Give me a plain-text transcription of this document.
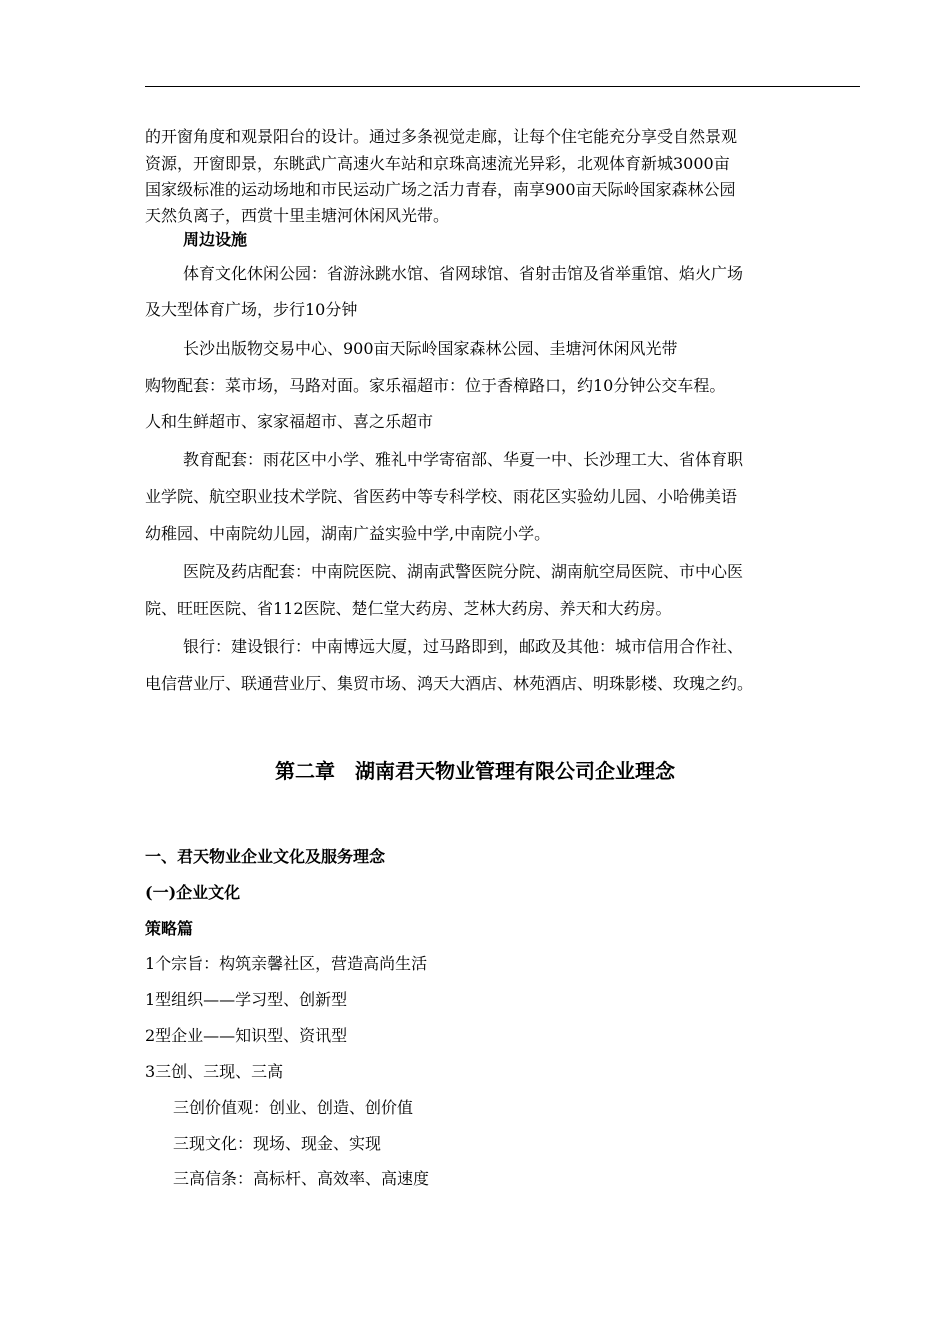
的开窗角度和观景阳台的设计。通过多条视觉走廊，让每个住宅能充分享受自然景观
资源，开窗即景，东眺武广高速火车站和京珠高速流光异彩，北观体育新城3000亩
国家级标准的运动场地和市民运动广场之活力青春，南享900亩天际岭国家森林公园
天然负离子，西赏十里圭塘河休闲风光带。
周边设施
体育文化休闲公园：省游泳跳水馆、省网球馆、省射击馆及省举重馆、焰火广场
及大型体育广场，步行10分钟
长沙出版物交易中心、900亩天际岭国家森林公园、圭塘河休闲风光带
购物配套：菜市场，马路对面。家乐福超市：位于香樟路口，约10分钟公交车程。
人和生鲜超市、家家福超市、喜之乐超市
教育配套：雨花区中小学、雅礼中学寄宿部、华夏一中、长沙理工大、省体育职
业学院、航空职业技术学院、省医药中等专科学校、雨花区实验幼儿园、小哈佛美语
幼稚园、中南院幼儿园，湖南广益实验中学,中南院小学。
医院及药店配套：中南院医院、湖南武警医院分院、湖南航空局医院、市中心医
院、旺旺医院、省112医院、楚仁堂大药房、芝林大药房、养天和大药房。
银行：建设银行：中南博远大厦，过马路即到，邮政及其他：城市信用合作社、
电信营业厅、联通营业厅、集贸市场、鸿天大酒店、林苑酒店、明珠影楼、玫瑰之约。
第二章　湖南君天物业管理有限公司企业理念
一、君天物业企业文化及服务理念
(一)企业文化
策略篇
1个宗旨：构筑亲馨社区，营造高尚生活
1型组织——学习型、创新型
2型企业——知识型、资讯型
3三创、三现、三高
三创价值观：创业、创造、创价值
三现文化：现场、现金、实现
三高信条：高标杆、高效率、高速度
